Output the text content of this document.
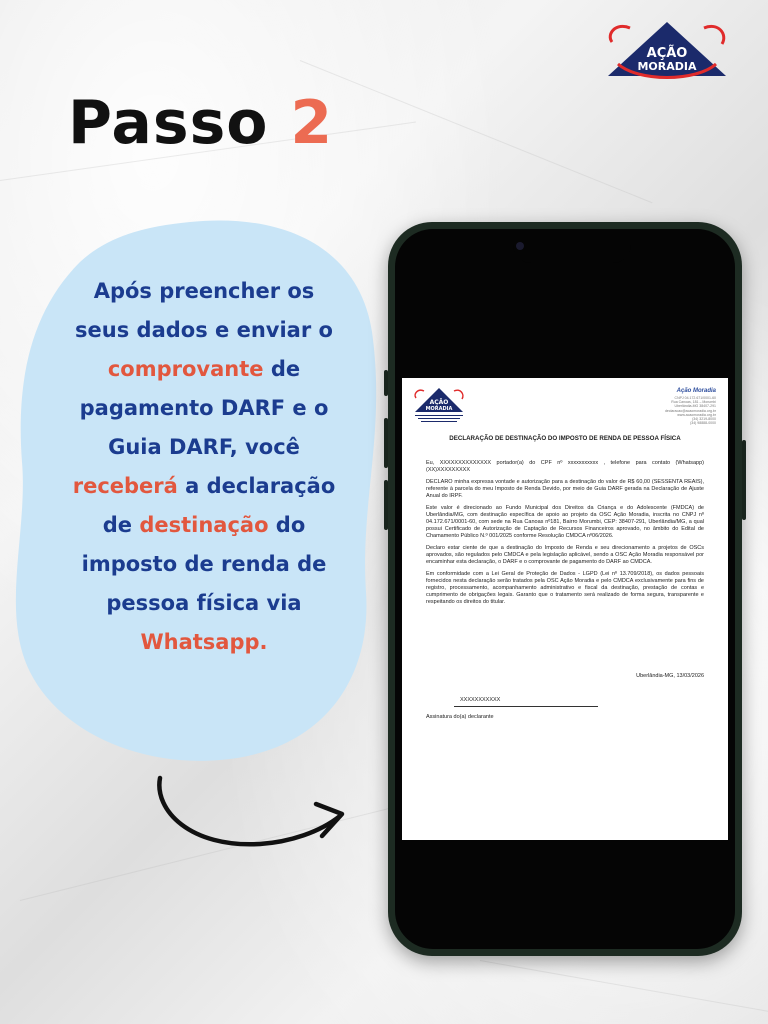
AÇÃO
MORADIA
Passo 2
Após preencher os seus dados e enviar o comprovante de pagamento DARF e o Guia DARF, você receberá a declaração de destinação do imposto de renda de pessoa física via Whatsapp.
AÇÃO
MORADIA
Ação Moradia
CNPJ 04.172.671/0001-60
Rua Canoas, 181 – Morumbi
Uberlândia-MG 38407-291
declaracao@acaomoradia.org.br
www.acaomoradia.org.br
(34) 3219-8000
(34) 98888-0000
DECLARAÇÃO DE DESTINAÇÃO DO IMPOSTO DE RENDA DE PESSOA FÍSICA

Eu, XXXXXXXXXXXXXX portador(a) do CPF nº xxxxxxxxxxx , telefone para contato (Whatsapp) (XX)XXXXXXXXX

DECLARO minha expressa vontade e autorização para a destinação do valor de R$ 60,00 (SESSENTA REAIS), referente à parcela do meu Imposto de Renda Devido, por meio de Guia DARF gerada na Declaração de Ajuste Anual do IRPF.

Este valor é direcionado ao Fundo Municipal dos Direitos da Criança e do Adolescente (FMDCA) de Uberlândia/MG, com destinação específica de apoio ao projeto da OSC Ação Moradia, inscrita no CNPJ nº 04.172.671/0001-60, com sede na Rua Canoas nº181, Bairro Morumbi, CEP: 38407-291, Uberlândia/MG, a qual possui Certificado de Autorização de Captação de Recursos Financeiros aprovado, no âmbito do Edital de Chamamento Público N.º 001/2025 conforme Resolução CMDCA nº06/2026.

Declaro estar ciente de que a destinação do Imposto de Renda e seu direcionamento a projetos de OSCs aprovados, são regulados pelo CMDCA e pela legislação aplicável, sendo a OSC Ação Moradia responsável por encaminhar esta declaração, o DARF e o comprovante de pagamento do DARF ao CMDCA.

Em conformidade com a Lei Geral de Proteção de Dados - LGPD (Lei nº 13.709/2018), os dados pessoais fornecidos nesta declaração serão tratados pela OSC Ação Moradia e pelo CMDCA exclusivamente para fins de registro, processamento, acompanhamento administrativo e fiscal da destinação, prestação de contas e cumprimento de obrigações legais. Garanto que o tratamento será realizado de forma segura, transparente e respeitando os direitos do titular.

Uberlândia-MG, 13/03/2026
XXXXXXXXXXX
Assinatura do(a) declarante
